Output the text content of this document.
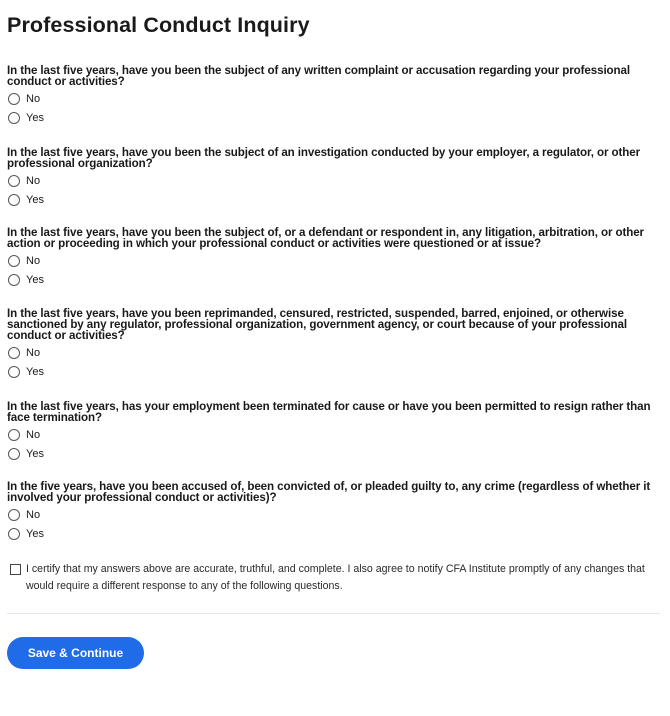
Professional Conduct Inquiry

In the last five years, have you been the subject of any written complaint or accusation regarding your professional conduct or activities?

No
Yes

In the last five years, have you been the subject of an investigation conducted by your employer, a regulator, or other professional organization?

No
Yes

In the last five years, have you been the subject of, or a defendant or respondent in, any litigation, arbitration, or other action or proceeding in which your professional conduct or activities were questioned or at issue?

No
Yes

In the last five years, have you been reprimanded, censured, restricted, suspended, barred, enjoined, or otherwise sanctioned by any regulator, professional organization, government agency, or court because of your professional conduct or activities?

No
Yes

In the last five years, has your employment been terminated for cause or have you been permitted to resign rather than face termination?

No
Yes

In the five years, have you been accused of, been convicted of, or pleaded guilty to, any crime (regardless of whether it involved your professional conduct or activities)?

No
Yes
I certify that my answers above are accurate, truthful, and complete. I also agree to notify CFA Institute promptly of any changes that would require a different response to any of the following questions.
Save & Continue
